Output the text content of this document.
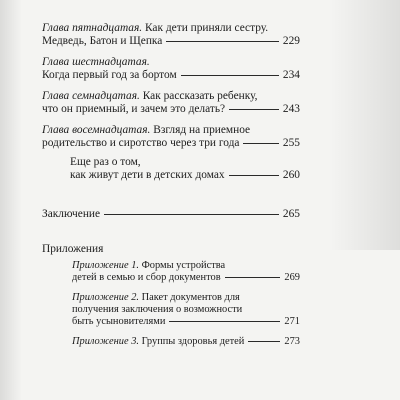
Глава пятнадцатая. Как дети приняли сестру.
Медведь, Батон и Щепка	229
Глава шестнадцатая.
Когда первый год за бортом	234
Глава семнадцатая. Как рассказать ребенку,
что он приемный, и зачем это делать?	243
Глава восемнадцатая. Взгляд на приемное
родительство и сиротство через три года	255
Еще раз о том,
как живут дети в детских домах	260
Заключение	265
Приложения
Приложение 1. Формы устройства
детей в семью и сбор документов	269
Приложение 2. Пакет документов для
получения заключения о возможности
быть усыновителями	271
Приложение 3. Группы здоровья детей	273
